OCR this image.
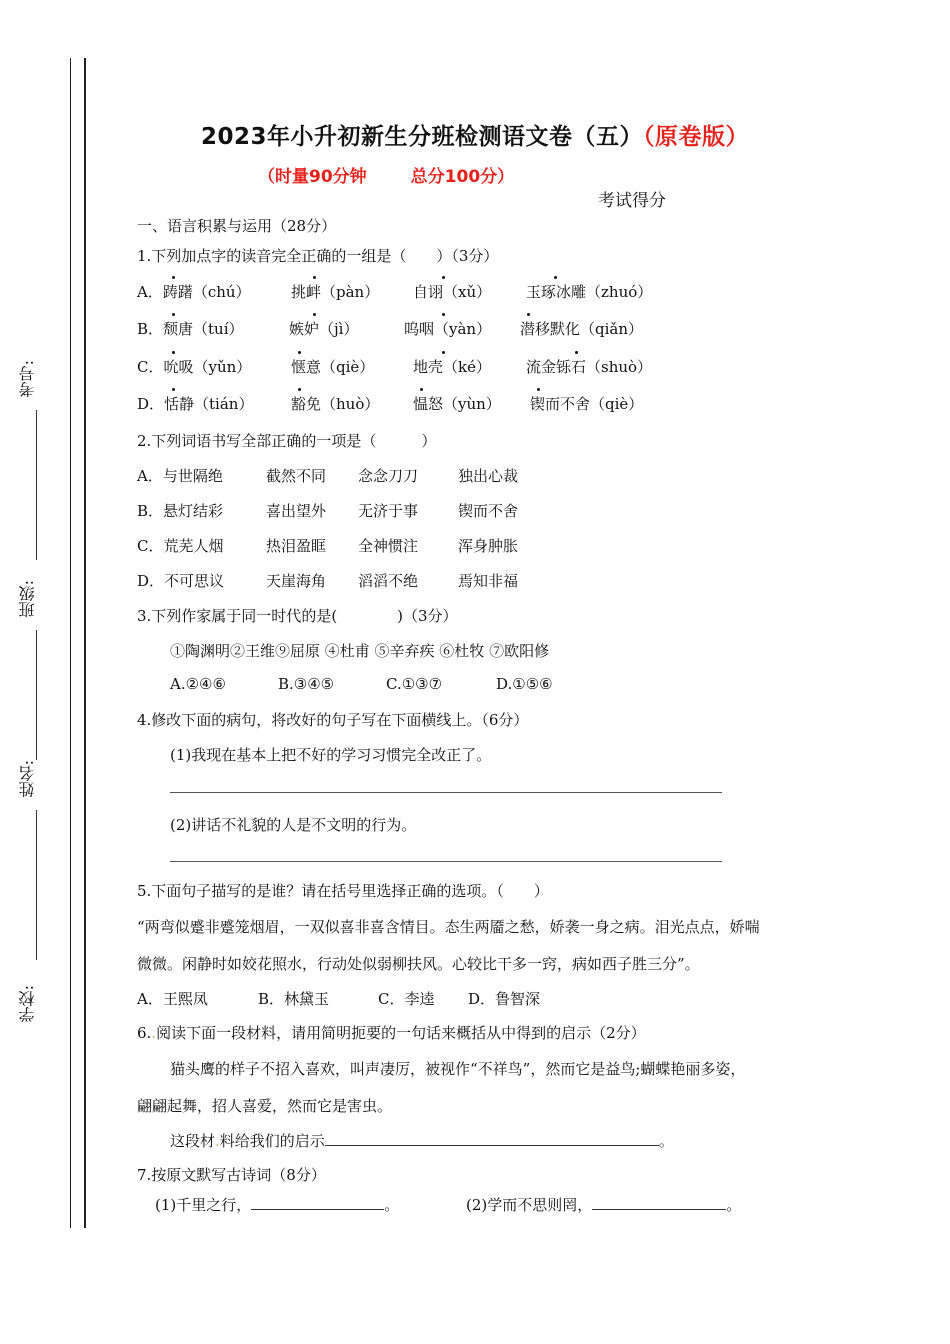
考号:
班级:
姓名:
学校:
2023年小升初新生分班检测语文卷（五）（原卷版）
（时量90分钟	总分100分）
考试得分
一、语言积累与运用（28分）
1.下列加点字的读音完全正确的一组是（　　）（3分）
A．踌躇（chú）	挑衅（pàn） 自诩（xǔ） 玉琢冰雕（zhuó）
B．颓唐（tuí）	嫉妒（jì）	呜咽（yàn） 潜移默化（qiǎn）
C．吮吸（yǔn）	惬意（qiè）	地壳（ké） 流金铄石（shuò）
D．恬静（tián）	豁免（huò） 愠怒（yùn） 锲而不舍（qiè）
2.下列词语书写全部正确的一项是（　　　）
A．与世隔绝	截然不同 念念刀刀	独出心裁
B．悬灯结彩	喜出望外 无济于事	锲而不舍
C．荒芜人烟	热泪盈眶 全神惯注	浑身肿胀
D．不可思议	天崖海角 滔滔不绝	焉知非福
3.下列作家属于同一时代的是(　　　　)（3分）
①陶渊明②王维⑨屈原 ④杜甫 ⑤辛弃疾 ⑥杜牧 ⑦欧阳修
A.②④⑥	B.③④⑤	C.①③⑦	D.①⑤⑥
4.修改下面的病句，将改好的句子写在下面横线上。（6分）
(1)我现在基本上把不好的学习习惯完全改正了。
(2)讲话不礼貌的人是不文明的行为。
5.下面句子描写的是谁？请在括号里选择正确的选项。（　　）
“两弯似蹙非蹙笼烟眉，一双似喜非喜含情目。态生两靥之愁，娇袭一身之病。泪光点点，娇喘
微微。闲静时如姣花照水，行动处似弱柳扶风。心较比干多一窍，病如西子胜三分”。
A．王熙凤	B．林黛玉	C．李逵 D．鲁智深
6..阅读下面一段材料，请用简明扼要的一句话来概括从中得到的启示（2分）
猫头鹰的样子不招入喜欢，叫声凄厉，被视作“不祥鸟”，然而它是益鸟;蝴蝶艳丽多姿，
翩翩起舞，招人喜爱，然而它是害虫。
这段材.料给我们的启示	。
7.按原文默写古诗词（8分）
(1)千里之行，	。	(2)学而不思则罔，	。
